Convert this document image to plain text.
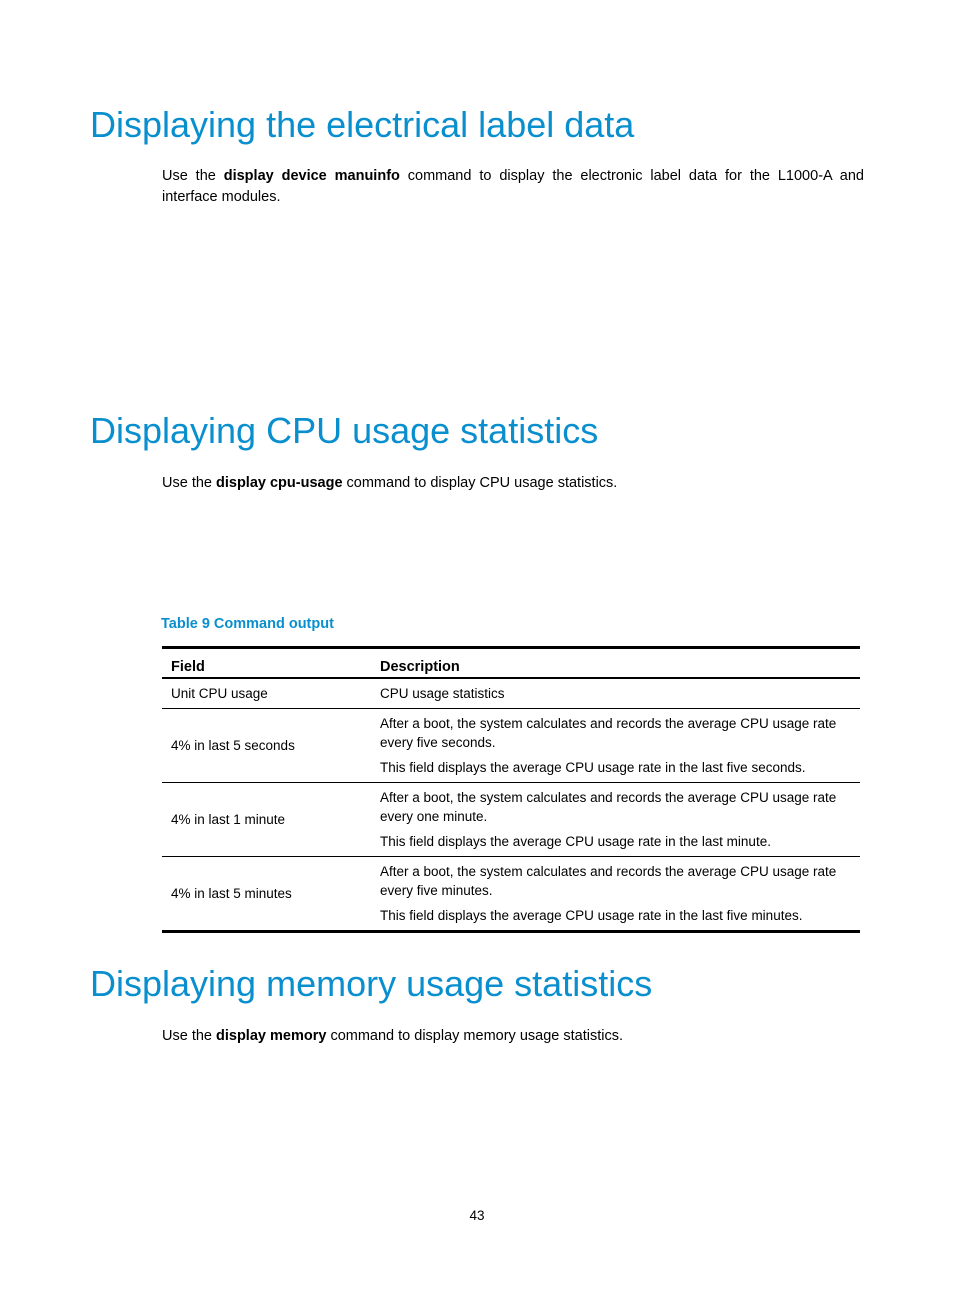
Displaying the electrical label data

Use the display device manuinfo command to display the electronic label data for the L1000-A and interface modules.

Displaying CPU usage statistics

Use the display cpu-usage command to display CPU usage statistics.

Table 9 Command output
Field	Description
Unit CPU usage	CPU usage statistics

4% in last 5 seconds	After a boot, the system calculates and records the average CPU usage rate every five seconds.

This field displays the average CPU usage rate in the last five seconds.

4% in last 1 minute	After a boot, the system calculates and records the average CPU usage rate every one minute.

This field displays the average CPU usage rate in the last minute.

4% in last 5 minutes	After a boot, the system calculates and records the average CPU usage rate every five minutes.

This field displays the average CPU usage rate in the last five minutes.

Displaying memory usage statistics

Use the display memory command to display memory usage statistics.

43
